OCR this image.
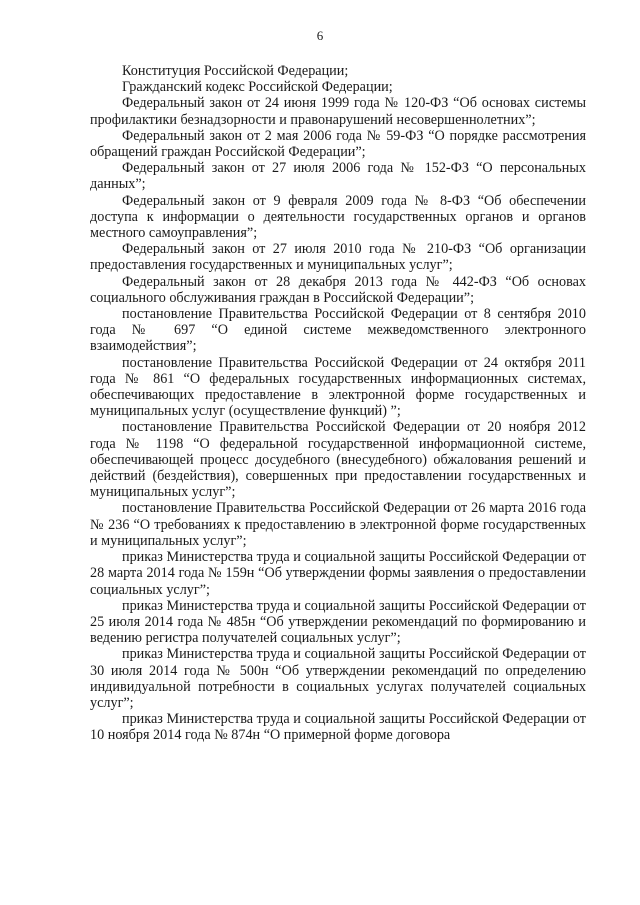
6

Конституция Российской Федерации;

Гражданский кодекс Российской Федерации;

Федеральный закон от 24 июня 1999 года № 120-ФЗ “Об основах системы профилактики безнадзорности и правонарушений несовершеннолетних”;

Федеральный закон от 2 мая 2006 года № 59-ФЗ “О порядке рассмотрения обращений граждан Российской Федерации”;

Федеральный закон от 27 июля 2006 года № 152-ФЗ “О персональных данных”;

Федеральный закон от 9 февраля 2009 года № 8-ФЗ “Об обеспечении доступа к информации о деятельности государственных органов и органов местного самоуправления”;

Федеральный закон от 27 июля 2010 года № 210-ФЗ “Об организации предоставления государственных и муниципальных услуг”;

Федеральный закон от 28 декабря 2013 года № 442-ФЗ “Об основах социального обслуживания граждан в Российской Федерации”;

постановление Правительства Российской Федерации от 8 сентября 2010 года № 697 “О единой системе межведомственного электронного взаимодействия”;

постановление Правительства Российской Федерации от 24 октября 2011 года № 861 “О федеральных государственных информационных системах, обеспечивающих предоставление в электронной форме государственных и муниципальных услуг (осуществление функций) ”;

постановление Правительства Российской Федерации от 20 ноября 2012 года № 1198 “О федеральной государственной информационной системе, обеспечивающей процесс досудебного (внесудебного) обжалования решений и действий (бездействия), совершенных при предоставлении государственных и муниципальных услуг”;

постановление Правительства Российской Федерации от 26 марта 2016 года № 236 “О требованиях к предоставлению в электронной форме государственных и муниципальных услуг”;

приказ Министерства труда и социальной защиты Российской Федерации от 28 марта 2014 года № 159н “Об утверждении формы заявления о предоставлении социальных услуг”;

приказ Министерства труда и социальной защиты Российской Федерации от 25 июля 2014 года № 485н “Об утверждении рекомендаций по формированию и ведению регистра получателей социальных услуг”;

приказ Министерства труда и социальной защиты Российской Федерации от 30 июля 2014 года № 500н “Об утверждении рекомендаций по определению индивидуальной потребности в социальных услугах получателей социальных услуг”;

приказ Министерства труда и социальной защиты Российской Федерации от 10 ноября 2014 года № 874н “О примерной форме договора
